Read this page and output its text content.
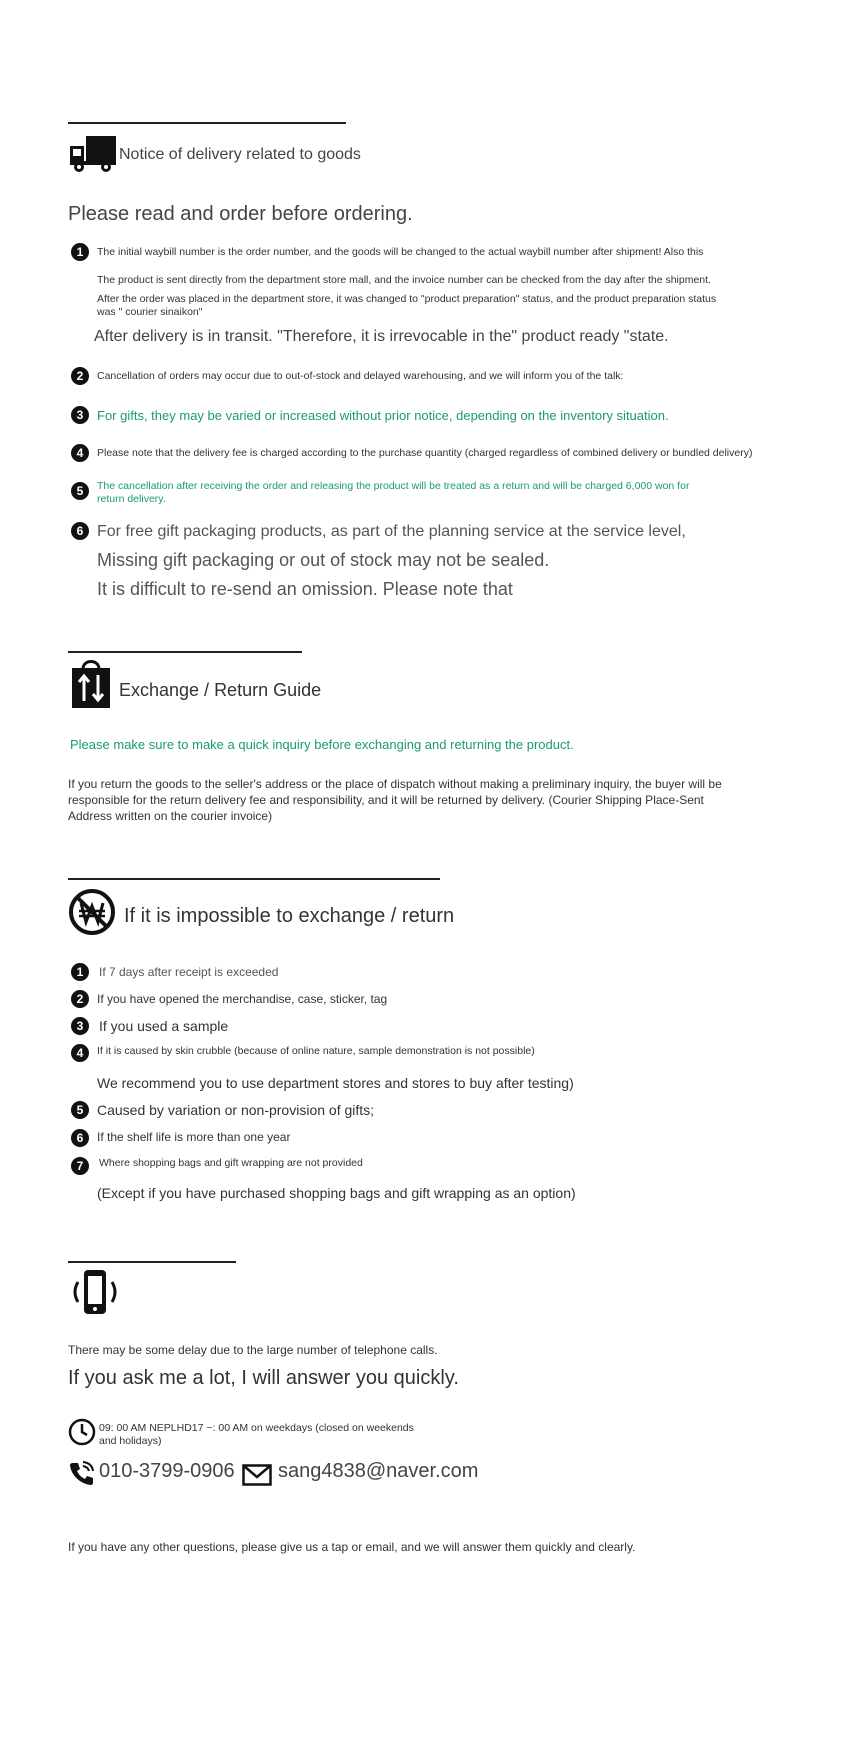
Notice of delivery related to goods
Please read and order before ordering.
1	The initial waybill number is the order number, and the goods will be changed to the actual waybill number after shipment! Also this
The product is sent directly from the department store mall, and the invoice number can be checked from the day after the shipment.
After the order was placed in the department store, it was changed to "product preparation" status, and the product preparation status was " courier sinaikon"
After delivery is in transit. "Therefore, it is irrevocable in the" product ready "state.
2	Cancellation of orders may occur due to out-of-stock and delayed warehousing, and we will inform you of the talk:
3	For gifts, they may be varied or increased without prior notice, depending on the inventory situation.
4	Please note that the delivery fee is charged according to the purchase quantity (charged regardless of combined delivery or bundled delivery)
5	The cancellation after receiving the order and releasing the product will be treated as a return and will be charged 6,000 won for return delivery.
6 For free gift packaging products, as part of the planning service at the service level,
Missing gift packaging or out of stock may not be sealed.
It is difficult to re-send an omission. Please note that
Exchange / Return Guide
Please make sure to make a quick inquiry before exchanging and returning the product.
If you return the goods to the seller's address or the place of dispatch without making a preliminary inquiry, the buyer will be responsible for the return delivery fee and responsibility, and it will be returned by delivery. (Courier Shipping Place-Sent Address written on the courier invoice)
If it is impossible to exchange / return
1	If 7 days after receipt is exceeded
2	If you have opened the merchandise, case, sticker, tag
3	If you used a sample
4	If it is caused by skin crubble (because of online nature, sample demonstration is not possible)
We recommend you to use department stores and stores to buy after testing)
5 Caused by variation or non-provision of gifts;
6	If the shelf life is more than one year
7	Where shopping bags and gift wrapping are not provided
(Except if you have purchased shopping bags and gift wrapping as an option)
There may be some delay due to the large number of telephone calls.
If you ask me a lot, I will answer you quickly.
09: 00 AM NEPLHD17 ~: 00 AM on weekdays (closed on weekends and holidays)
010-3799-0906 sang4838@naver.com
If you have any other questions, please give us a tap or email, and we will answer them quickly and clearly.
